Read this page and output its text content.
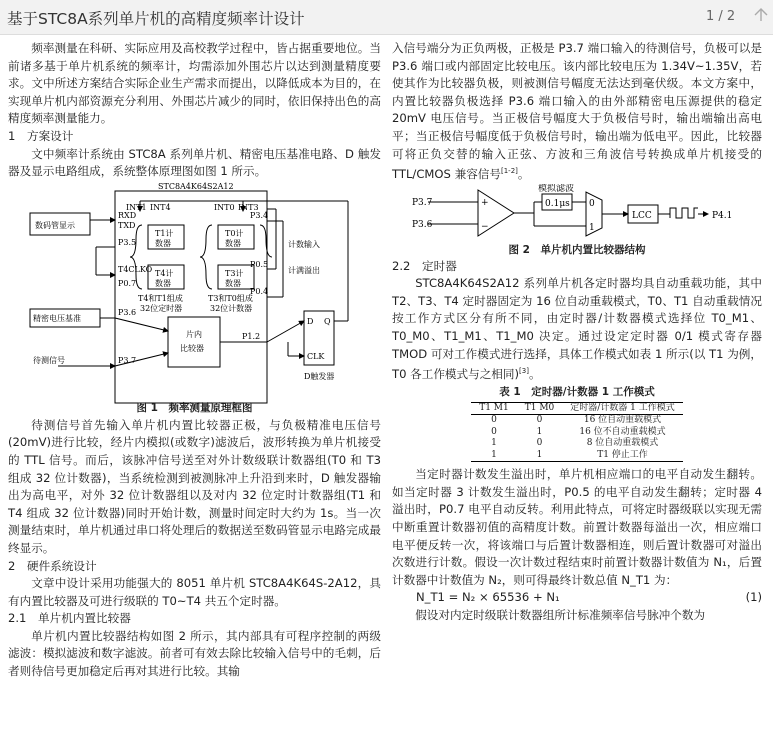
基于STC8A系列单片机的高精度频率计设计	1 / 2

频率测量在科研、实际应用及高校教学过程中，皆占据重要地位。当前诸多基于单片机系统的频率计，均需添加外围芯片以达到测量精度要求。文中所述方案结合实际企业生产需求而提出，以降低成本为目的，在实现单片机内部资源充分利用、外围芯片减少的同时，依旧保持出色的高精度频率测量能力。

1　方案设计

文中频率计系统由 STC8A 系列单片机、精密电压基准电路、D 触发器及显示电路组成，系统整体原理图如图 1 所示。

STC8A4K64S2A12
INT1 INT4	INT0 INT3
RXD
TXD
P3.5
T4CLKO
P0.7
P3.4
P0.5
P0.4
P3.6
P3.7
P1.2
T1计
数器
T4计
数器
T0计
数器
T3计
数器
T4和T1组成
32位定时器
T3和T0组成
32位计数器
片内
比较器
数码管显示
精密电压基准
待测信号
计数输入
计满溢出
D Q
CLK
D触发器
图 1　频率测量原理框图

待测信号首先输入单片机内置比较器正极，与负极精准电压信号(20mV)进行比较，经片内模拟(或数字)滤波后，波形转换为单片机接受的 TTL 信号。而后，该脉冲信号送至对外计数级联计数器组(T0 和 T3 组成 32 位计数器)，当系统检测到被测脉冲上升沿到来时，D 触发器输出为高电平，对外 32 位计数器组以及对内 32 位定时计数器组(T1 和 T4 组成 32 位计数器)同时开始计数，测量时间定时大约为 1s。当一次测量结束时，单片机通过串口将处理后的数据送至数码管显示电路完成最终显示。

2　硬件系统设计

文章中设计采用功能强大的 8051 单片机 STC8A4K64S-2A12，具有内置比较器及可进行级联的 T0~T4 共五个定时器。

2.1　单片机内置比较器

单片机内置比较器结构如图 2 所示，其内部具有可程序控制的两级滤波：模拟滤波和数字滤波。前者可有效去除比较输入信号中的毛刺，后者则待信号更加稳定后再对其进行比较。其输

入信号端分为正负两极，正极是 P3.7 端口输入的待测信号，负极可以是 P3.6 端口或内部固定比较电压。该内部比较电压为 1.34V~1.35V，若使其作为比较器负极，则被测信号幅度无法达到毫伏级。本文方案中，内置比较器负极选择 P3.6 端口输入的由外部精密电压源提供的稳定 20mV 电压信号。当正极信号幅度大于负极信号时，输出端输出高电平；当正极信号幅度低于负极信号时，输出端为低电平。因此，比较器可将正负交替的输入正弦、方波和三角波信号转换成单片机接受的 TTL/CMOS 兼容信号[1-2]。

P3.7
P3.6
+
−
模拟滤波
0.1μs 0
1
LCC	P4.1
图 2　单片机内置比较器结构
2.2　定时器

STC8A4K64S2A12 系列单片机各定时器均具自动重载功能，其中 T2、T3、T4 定时器固定为 16 位自动重载模式，T0、T1 自动重载情况按工作方式区分有所不同，由定时器/计数器模式选择位 T0_M1、T0_M0、T1_M1、T1_M0 决定。通过设定定时器 0/1 模式寄存器 TMOD 可对工作模式进行选择，具体工作模式如表 1 所示(以 T1 为例，T0 各工作模式与之相同)[3]。

表 1　定时器/计数器 1 工作模式
T1 M1	T1 M0	定时器/计数器 1 工作模式
0	0	16 位自动重载模式
0	1	16 位不自动重载模式
1	0	8 位自动重载模式
1	1	T1 停止工作

当定时器计数发生溢出时，单片机相应端口的电平自动发生翻转。如当定时器 3 计数发生溢出时，P0.5 的电平自动发生翻转；定时器 4 溢出时，P0.7 电平自动反转。利用此特点，可将定时器级联以实现无需中断重置计数器初值的高精度计数。前置计数器每溢出一次，相应端口电平便反转一次，将该端口与后置计数器相连，则后置计数器可对溢出次数进行计数。假设一次计数过程结束时前置计数器计数值为 N₁，后置计数器中计数值为 N₂，则可得最终计数总值 N_T1 为：

N_T1 = N₂ × 65536 + N₁	(1)

假设对内定时级联计数器组所计标准频率信号脉冲个数为
